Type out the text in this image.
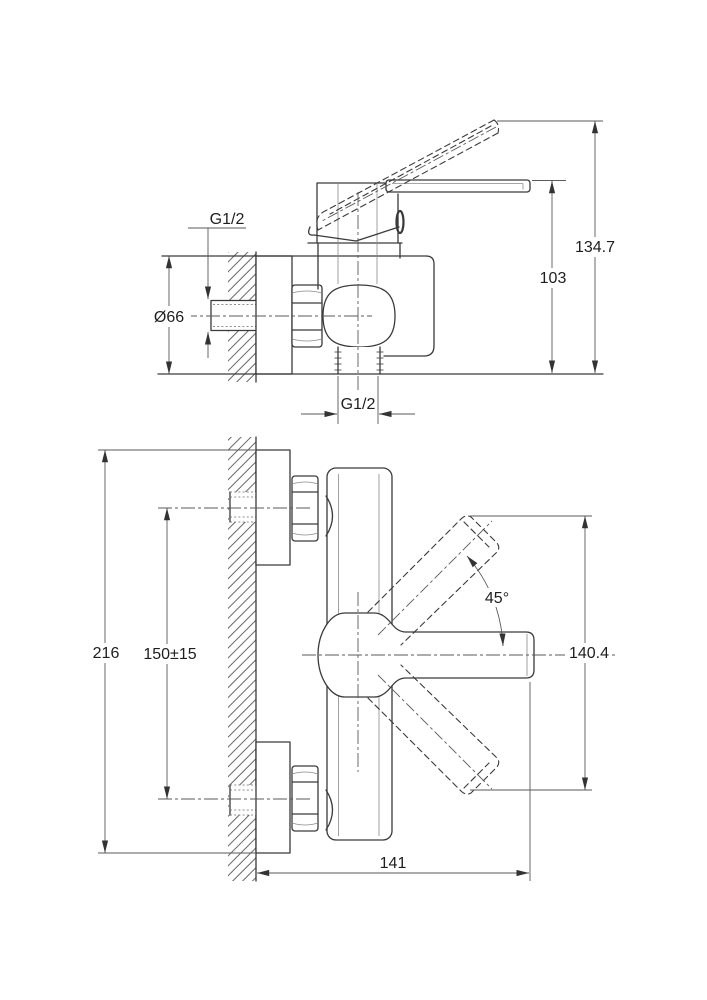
G1/2
Ø66
103
134.7
G1/2
216 150±15	140.4
45°
141
